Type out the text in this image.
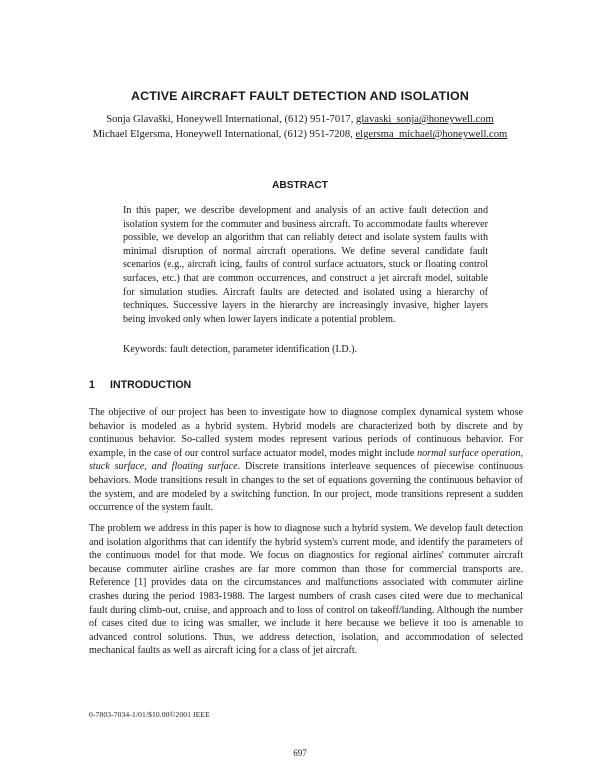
ACTIVE AIRCRAFT FAULT DETECTION AND ISOLATION
Sonja Glavaški, Honeywell International, (612) 951-7017, glavaski_sonja@honeywell.com
Michael Elgersma, Honeywell International, (612) 951-7208, elgersma_michael@honeywell.com
ABSTRACT
In this paper, we describe development and analysis of an active fault detection and isolation system for the commuter and business aircraft. To accommodate faults wherever possible, we develop an algorithm that can reliably detect and isolate system faults with minimal disruption of normal aircraft operations. We define several candidate fault scenarios (e.g., aircraft icing, faults of control surface actuators, stuck or floating control surfaces, etc.) that are common occurrences, and construct a jet aircraft model, suitable for simulation studies. Aircraft faults are detected and isolated using a hierarchy of techniques. Successive layers in the hierarchy are increasingly invasive, higher layers being invoked only when lower layers indicate a potential problem.
Keywords: fault detection, parameter identification (I.D.).
1 INTRODUCTION
The objective of our project has been to investigate how to diagnose complex dynamical system whose behavior is modeled as a hybrid system. Hybrid models are characterized both by discrete and by continuous behavior. So-called system modes represent various periods of continuous behavior. For example, in the case of our control surface actuator model, modes might include normal surface operation, stuck surface, and floating surface. Discrete transitions interleave sequences of piecewise continuous behaviors. Mode transitions result in changes to the set of equations governing the continuous behavior of the system, and are modeled by a switching function. In our project, mode transitions represent a sudden occurrence of the system fault.
The problem we address in this paper is how to diagnose such a hybrid system. We develop fault detection and isolation algorithms that can identify the hybrid system's current mode, and identify the parameters of the continuous model for that mode. We focus on diagnostics for regional airlines' commuter aircraft because commuter airline crashes are far more common than those for commercial transports are. Reference [1] provides data on the circumstances and malfunctions associated with commuter airline crashes during the period 1983-1988. The largest numbers of crash cases cited were due to mechanical fault during climb-out, cruise, and approach and to loss of control on takeoff/landing. Although the number of cases cited due to icing was smaller, we include it here because we believe it too is amenable to advanced control solutions. Thus, we address detection, isolation, and accommodation of selected mechanical faults as well as aircraft icing for a class of jet aircraft.
0-7803-7034-1/01/$10.00©2001 IEEE
697
